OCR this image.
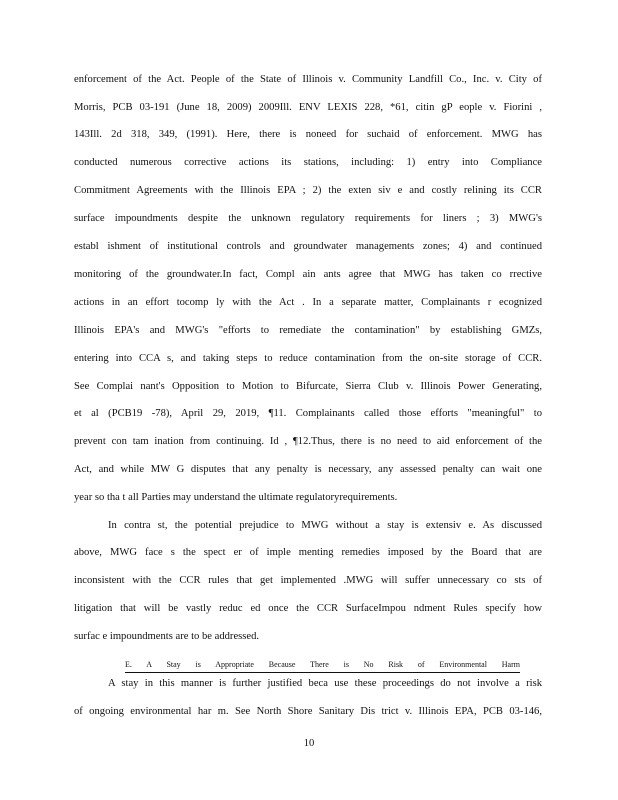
enforcement of the Act. People of the State of Illinois v. Community Landfill Co., Inc. v. City of
Morris, PCB 03-191 (June 18, 2009) 2009Ill. ENV LEXIS 228, *61, citin gP eople v. Fiorini ,
143Ill. 2d 318, 349, (1991). Here, there is noneed for suchaid of enforcement. MWG has
conducted numerous corrective actions its stations, including: 1) entry into Compliance
Commitment Agreements with the Illinois EPA ; 2) the exten siv e and costly relining its CCR
surface impoundments despite the unknown regulatory requirements for liners ; 3) MWG's
establ ishment of institutional controls and groundwater managements zones; 4) and continued
monitoring of the groundwater.In fact, Compl ain ants agree that MWG has taken co rrective
actions in an effort tocomp ly with the Act . In a separate matter, Complainants r ecognized
Illinois EPA's and MWG's "efforts to remediate the contamination" by establishing GMZs,
entering into CCA s, and taking steps to reduce contamination from the on-site storage of CCR.
See Complai nant's Opposition to Motion to Bifurcate, Sierra Club v. Illinois Power Generating,
et al (PCB19 -78), April 29, 2019, ¶11. Complainants called those efforts "meaningful" to
prevent con tam ination from continuing. Id , ¶12.Thus, there is no need to aid enforcement of the
Act, and while MW G disputes that any penalty is necessary, any assessed penalty can wait one
year so tha t all Parties may understand the ultimate regulatoryrequirements.
In contra st, the potential prejudice to MWG without a stay is extensiv e. As discussed
above, MWG face s the spect er of imple menting remedies imposed by the Board that are
inconsistent with the CCR rules that get implemented .MWG will suffer unnecessary co sts of
litigation that will be vastly reduc ed once the CCR SurfaceImpou ndment Rules specify how
surfac e impoundments are to be addressed.
E. A Stay is Appropriate Because There is No Risk of Environmental Harm
A stay in this manner is further justified beca use these proceedings do not involve a risk
of ongoing environmental har m. See North Shore Sanitary Dis trict v. Illinois EPA, PCB 03-146,
10
